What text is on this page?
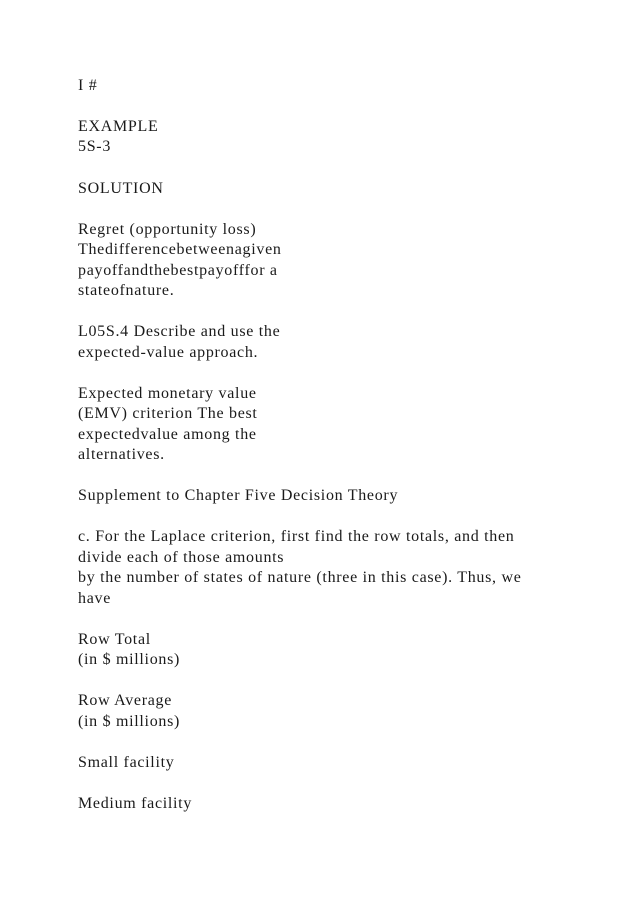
I #

EXAMPLE

5S-3

SOLUTION

Regret (opportunity loss)

Thedifferencebetweenagiven

payoffandthebestpayofffor a

stateofnature.

L05S.4 Describe and use the

expected-value approach.

Expected monetary value

(EMV) criterion The best

expectedvalue among the

alternatives.

Supplement to Chapter Five Decision Theory

c. For the Laplace criterion, first find the row totals, and then

divide each of those amounts

by the number of states of nature (three in this case). Thus, we

have

Row Total

(in $ millions)

Row Average

(in $ millions)

Small facility

Medium facility
